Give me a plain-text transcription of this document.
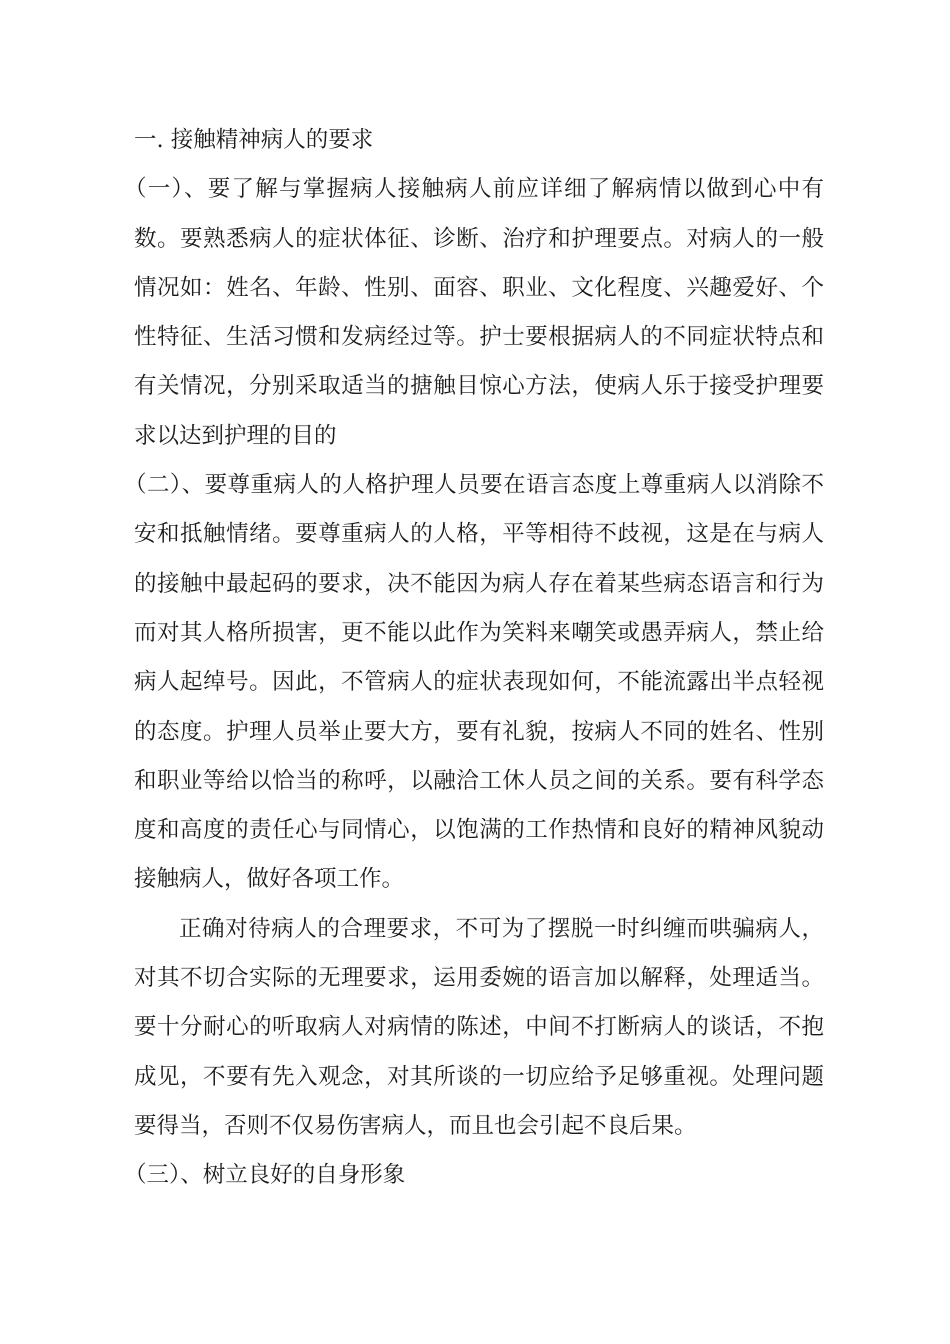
一. 接触精神病人的要求

（一）、要了解与掌握病人接触病人前应详细了解病情以做到心中有数。要熟悉病人的症状体征、诊断、治疗和护理要点。对病人的一般情况如：姓名、年龄、性别、面容、职业、文化程度、兴趣爱好、个性特征、生活习惯和发病经过等。护士要根据病人的不同症状特点和有关情况，分别采取适当的搪触目惊心方法，使病人乐于接受护理要求以达到护理的目的

（二）、要尊重病人的人格护理人员要在语言态度上尊重病人以消除不安和抵触情绪。要尊重病人的人格，平等相待不歧视，这是在与病人的接触中最起码的要求，决不能因为病人存在着某些病态语言和行为而对其人格所损害，更不能以此作为笑料来嘲笑或愚弄病人，禁止给病人起绰号。因此，不管病人的症状表现如何，不能流露出半点轻视的态度。护理人员举止要大方，要有礼貌，按病人不同的姓名、性别和职业等给以恰当的称呼，以融洽工休人员之间的关系。要有科学态度和高度的责任心与同情心，以饱满的工作热情和良好的精神风貌动接触病人，做好各项工作。

正确对待病人的合理要求，不可为了摆脱一时纠缠而哄骗病人，对其不切合实际的无理要求，运用委婉的语言加以解释，处理适当。要十分耐心的听取病人对病情的陈述，中间不打断病人的谈话，不抱成见，不要有先入观念，对其所谈的一切应给予足够重视。处理问题要得当，否则不仅易伤害病人，而且也会引起不良后果。

（三）、树立良好的自身形象
